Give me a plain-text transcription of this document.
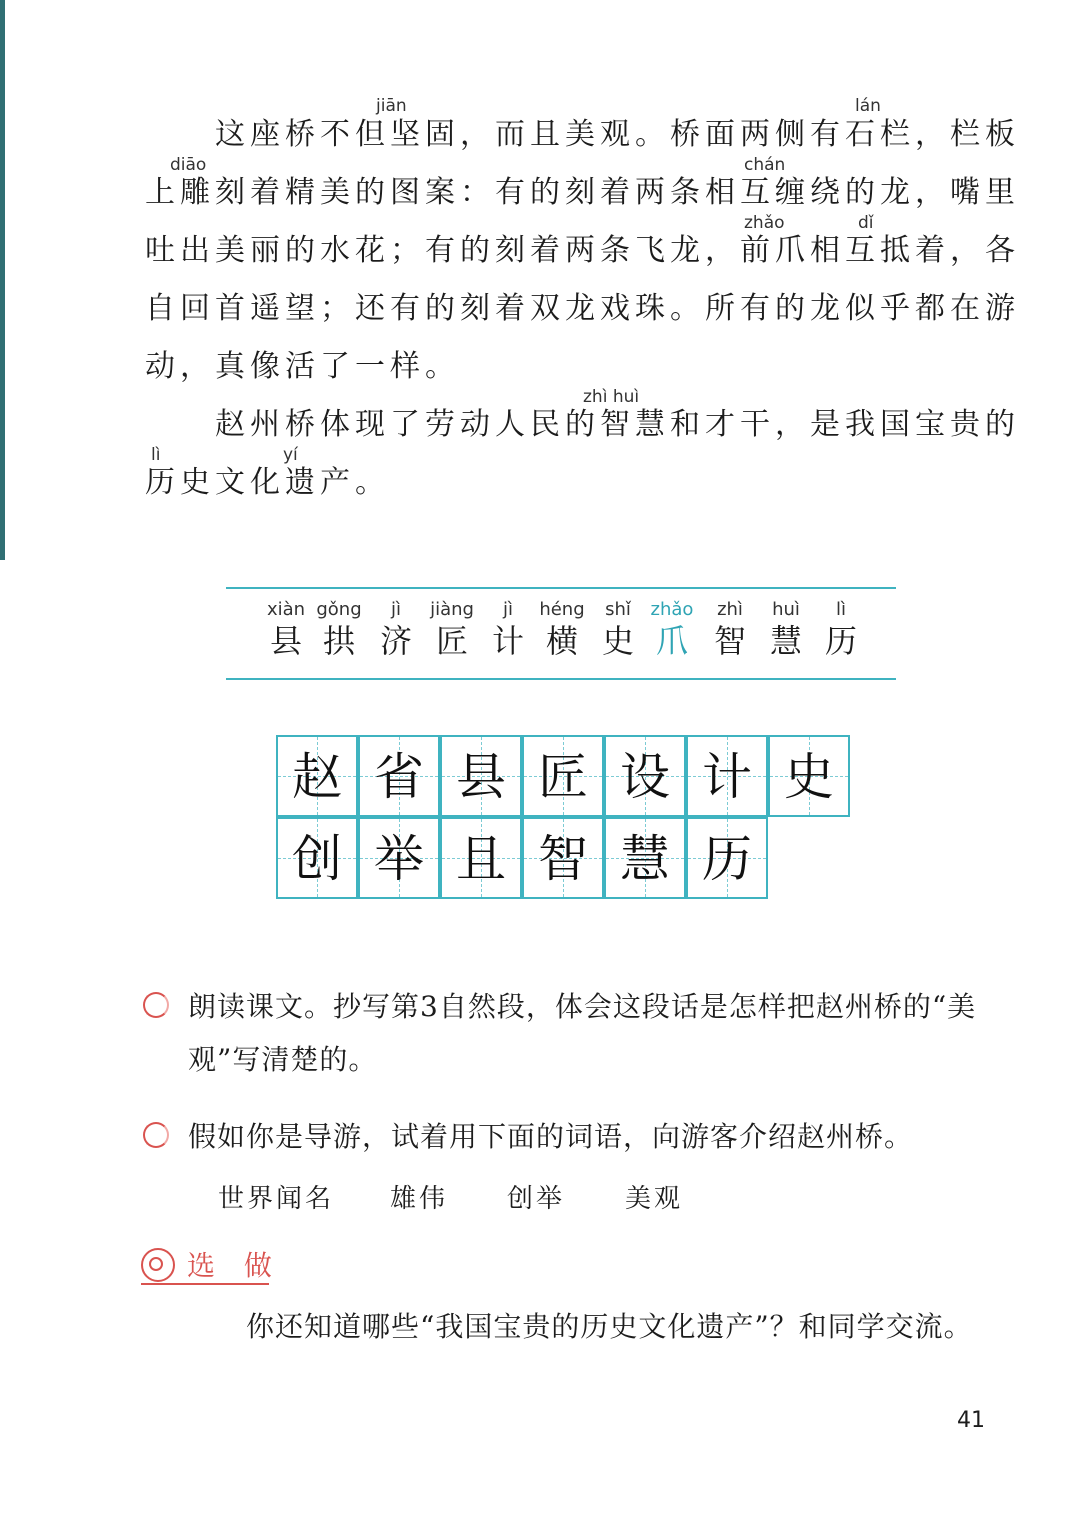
　　这座桥不但坚固，而且美观。桥面两侧有石栏，栏板
上雕刻着精美的图案：有的刻着两条相互缠绕的龙，嘴里
吐出美丽的水花；有的刻着两条飞龙，前爪相互抵着，各
自回首遥望；还有的刻着双龙戏珠。所有的龙似乎都在游
动，真像活了一样。
　　赵州桥体现了劳动人民的智慧和才干，是我国宝贵的
历史文化遗产。
jiān	lán
diāo	chán
zhǎo	dǐ
zhì huì
lì	yí
xiàn
县
gǒng
拱
jì
济
jiàng
匠
jì
计
héng
横
shǐ
史
zhǎo
爪
zhì
智
huì
慧
lì
历
赵 省 县 匠 设 计 史
创 举 且 智 慧 历
朗读课文。抄写第3自然段，体会这段话是怎样把赵州桥的“美
观”写清楚的。
假如你是导游，试着用下面的词语，向游客介绍赵州桥。
世界闻名 雄伟 创举 美观
选 做
你还知道哪些“我国宝贵的历史文化遗产”？和同学交流。
41
